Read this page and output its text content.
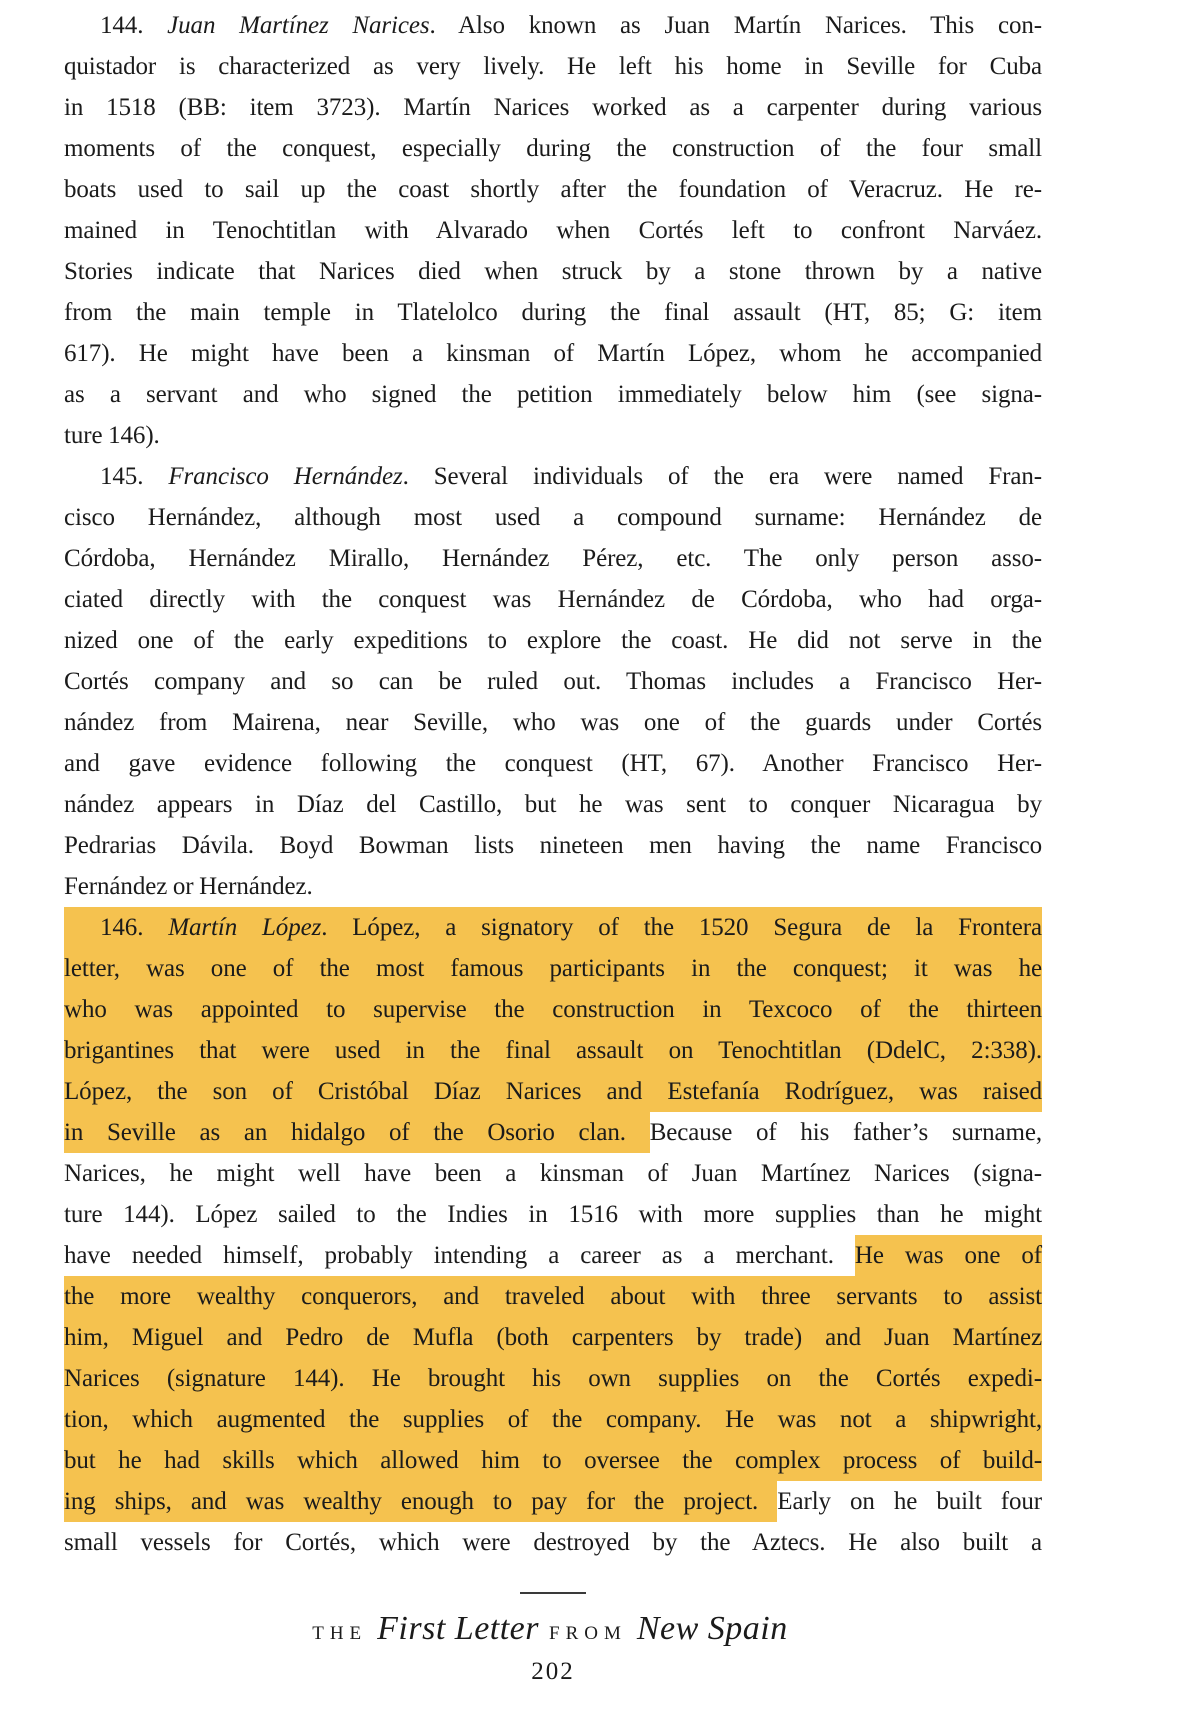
144. Juan Martínez Narices. Also known as Juan Martín Narices. This con-
quistador is characterized as very lively. He left his home in Seville for Cuba
in 1518 (BB: item 3723). Martín Narices worked as a carpenter during various
moments of the conquest, especially during the construction of the four small
boats used to sail up the coast shortly after the foundation of Veracruz. He re-
mained in Tenochtitlan with Alvarado when Cortés left to confront Narváez.
Stories indicate that Narices died when struck by a stone thrown by a native
from the main temple in Tlatelolco during the final assault (HT, 85; G: item
617). He might have been a kinsman of Martín López, whom he accompanied
as a servant and who signed the petition immediately below him (see signa-
ture 146).
145. Francisco Hernández. Several individuals of the era were named Fran-
cisco Hernández, although most used a compound surname: Hernández de
Córdoba, Hernández Mirallo, Hernández Pérez, etc. The only person asso-
ciated directly with the conquest was Hernández de Córdoba, who had orga-
nized one of the early expeditions to explore the coast. He did not serve in the
Cortés company and so can be ruled out. Thomas includes a Francisco Her-
nández from Mairena, near Seville, who was one of the guards under Cortés
and gave evidence following the conquest (HT, 67). Another Francisco Her-
nández appears in Díaz del Castillo, but he was sent to conquer Nicaragua by
Pedrarias Dávila. Boyd Bowman lists nineteen men having the name Francisco
Fernández or Hernández.
146. Martín López. López, a signatory of the 1520 Segura de la Frontera
letter, was one of the most famous participants in the conquest; it was he
who was appointed to supervise the construction in Texcoco of the thirteen
brigantines that were used in the final assault on Tenochtitlan (DdelC, 2:338).
López, the son of Cristóbal Díaz Narices and Estefanía Rodríguez, was raised
in Seville as an hidalgo of the Osorio clan. Because of his father’s surname,
Narices, he might well have been a kinsman of Juan Martínez Narices (signa-
ture 144). López sailed to the Indies in 1516 with more supplies than he might
have needed himself, probably intending a career as a merchant. He was one of
the more wealthy conquerors, and traveled about with three servants to assist
him, Miguel and Pedro de Mufla (both carpenters by trade) and Juan Martínez
Narices (signature 144). He brought his own supplies on the Cortés expedi-
tion, which augmented the supplies of the company. He was not a shipwright,
but he had skills which allowed him to oversee the complex process of build-
ing ships, and was wealthy enough to pay for the project. Early on he built four
small vessels for Cortés, which were destroyed by the Aztecs. He also built a
THE First Letter FROM New Spain
202
